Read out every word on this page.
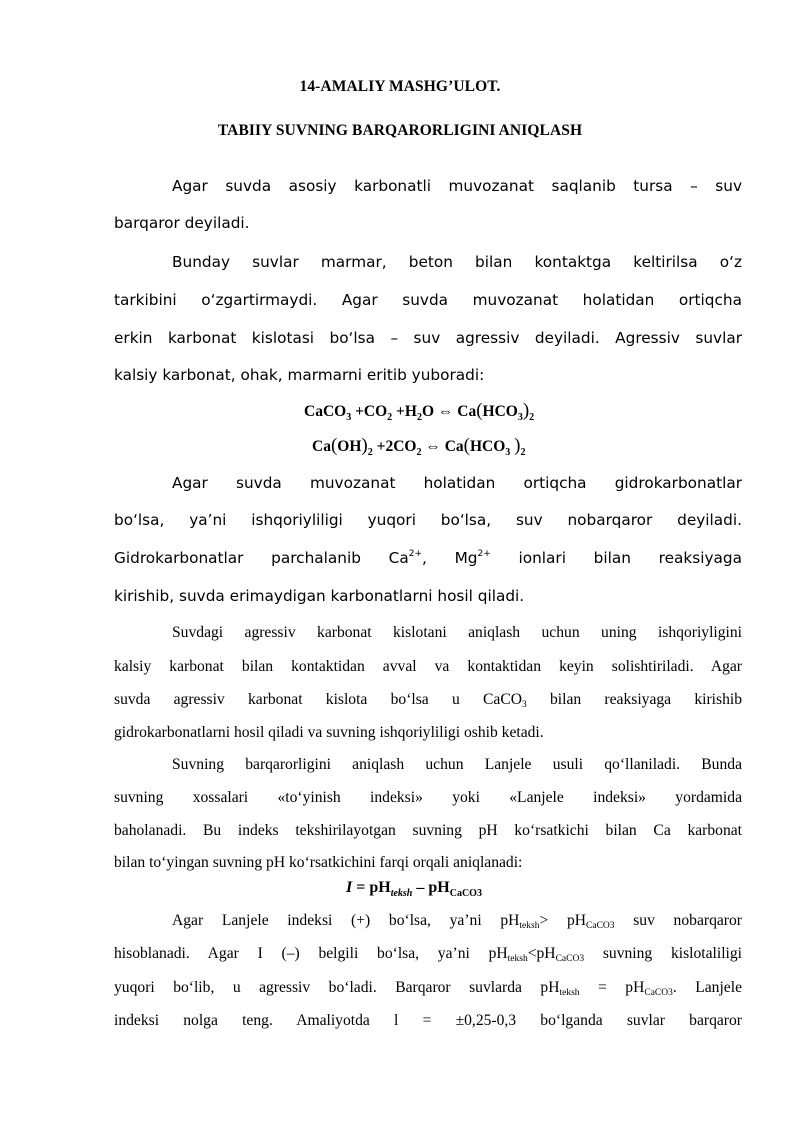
14-AMALIY MASHG’ULOT.
TABIIY SUVNING BARQARORLIGINI ANIQLASH
Agar suvda asosiy karbonatli muvozanat saqlanib tursa – suv
barqaror deyiladi.
Bunday suvlar marmar, beton bilan kontaktga keltirilsa o‘z
tarkibini o‘zgartirmaydi. Agar suvda muvozanat holatidan ortiqcha
erkin karbonat kislotasi bo‘lsa – suv agressiv deyiladi. Agressiv suvlar
kalsiy karbonat, ohak, marmarni eritib yuboradi:
CaCO$_3$ $+CO_2 +H_2O$ ⇔ $Ca(HCO_3)_2$
$Ca(OH)_2 +2CO_2$ ⇔ $Ca(HCO_3$ )$_2$
Agar suvda muvozanat holatidan ortiqcha gidrokarbonatlar
bo‘lsa, ya’ni ishqoriyliligi yuqori bo‘lsa, suv nobarqaror deyiladi.
Gidrokarbonatlar parchalanib $Ca^{2+}$, $Mg^{2+}$ ionlari bilan reaksiyaga
kirishib, suvda erimaydigan karbonatlarni hosil qiladi.
Suvdagi agressiv karbonat kislotani aniqlash uchun uning ishqoriyligini
kalsiy karbonat bilan kontaktidan avval va kontaktidan keyin solishtiriladi. Agar
suvda agressiv karbonat kislota bo‘lsa u CaCO$_3$ bilan reaksiyaga kirishib
gidrokarbonatlarni hosil qiladi va suvning ishqoriyliligi oshib ketadi.
Suvning barqarorligini aniqlash uchun Lanjele usuli qo‘llaniladi. Bunda
suvning xossalari «to‘yinish indeksi» yoki «Lanjele indeksi» yordamida
baholanadi. Bu indeks tekshirilayotgan suvning pH ko‘rsatkichi bilan Ca karbonat
bilan to‘yingan suvning pH ko‘rsatkichini farqi orqali aniqlanadi:
$I = pH_{teksh} - pH_{CaCO3}$
Agar Lanjele indeksi (+) bo‘lsa, ya’ni $pH_{teksh}> pH_{CaCO3}$ suv nobarqaror
hisoblanadi. Agar I (–) belgili bo‘lsa, ya’ni $pH_{teksh}<pH_{CaCO3}$ suvning kislotaliligi
yuqori bo‘lib, u agressiv bo‘ladi. Barqaror suvlarda $pH_{teksh} = pH_{CaCO3}$. Lanjele
indeksi nolga teng. Amaliyotda l = ±0,25-0,3 bo‘lganda suvlar barqaror
